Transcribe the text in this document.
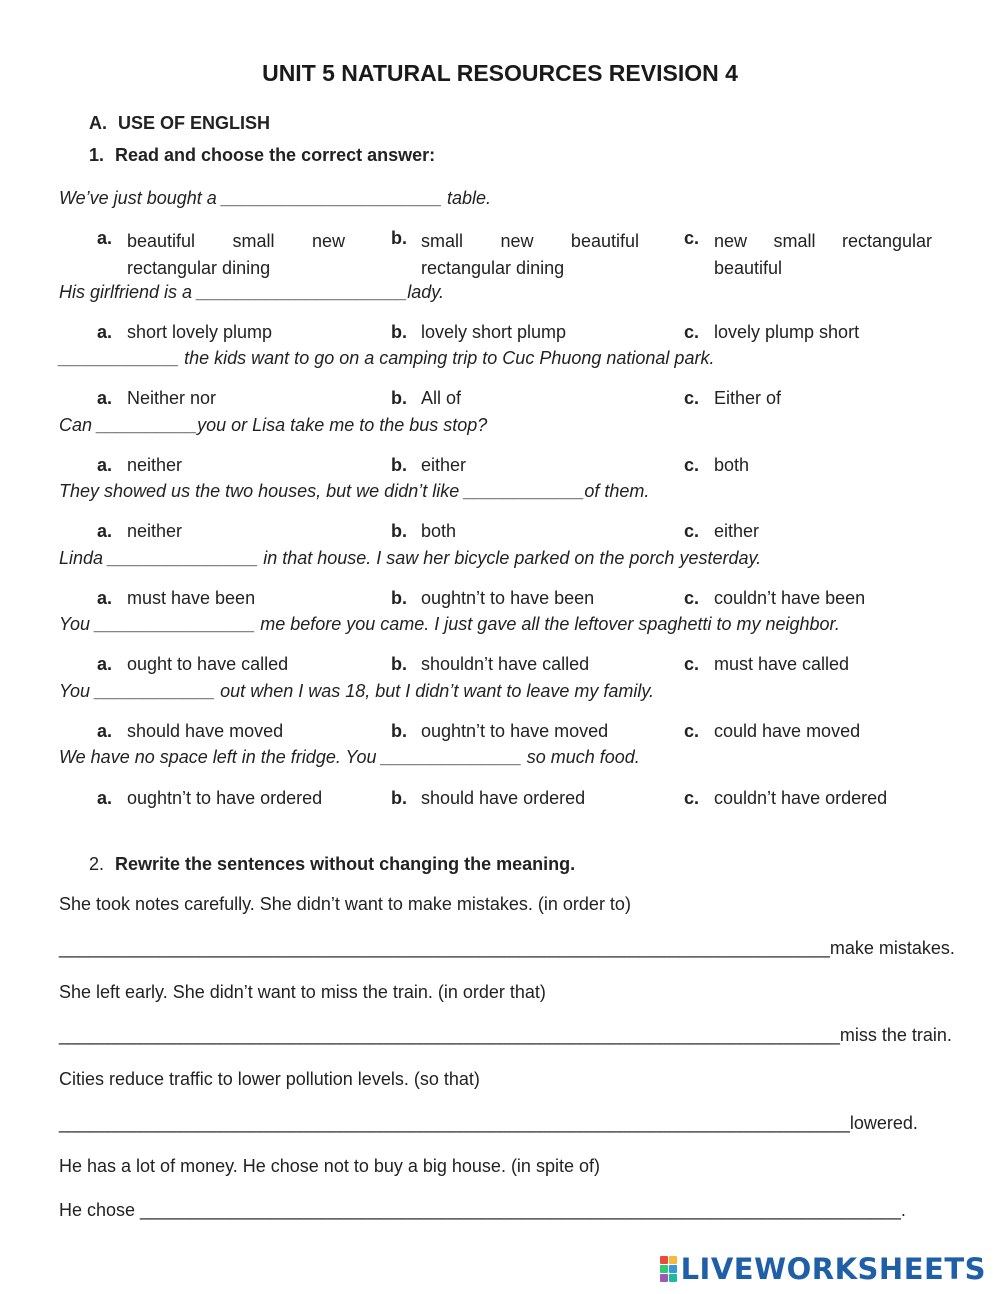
UNIT 5 NATURAL RESOURCES REVISION 4
A. USE OF ENGLISH
1. Read and choose the correct answer:
We’ve just bought a ______________________ table.
a. beautiful small new rectangular dining
b. small new beautiful rectangular dining
c. new small rectangular beautiful
His girlfriend is a _____________________lady.
a. short lovely plump	b. lovely short plump	c. lovely plump short
____________ the kids want to go on a camping trip to Cuc Phuong national park.
a. Neither nor	b. All of	c. Either of
Can __________you or Lisa take me to the bus stop?
a. neither	b. either	c. both
They showed us the two houses, but we didn’t like ____________of them.
a. neither	b. both	c. either
Linda _______________ in that house. I saw her bicycle parked on the porch yesterday.
a. must have been	b. oughtn’t to have been	c. couldn’t have been
You ________________ me before you came. I just gave all the leftover spaghetti to my neighbor.
a. ought to have called	b. shouldn’t have called	c. must have called
You ____________ out when I was 18, but I didn’t want to leave my family.
a. should have moved	b. oughtn’t to have moved	c. could have moved
We have no space left in the fridge. You ______________ so much food.
a. oughtn’t to have ordered	b. should have ordered	c. couldn’t have ordered
2. Rewrite the sentences without changing the meaning.
She took notes carefully. She didn’t want to make mistakes. (in order to)
_____________________________________________________________________________make mistakes.
She left early. She didn’t want to miss the train. (in order that)
______________________________________________________________________________miss the train.
Cities reduce traffic to lower pollution levels. (so that)
_______________________________________________________________________________lowered.
He has a lot of money. He chose not to buy a big house. (in spite of)
He chose ____________________________________________________________________________.
LIVEWORKSHEETS
